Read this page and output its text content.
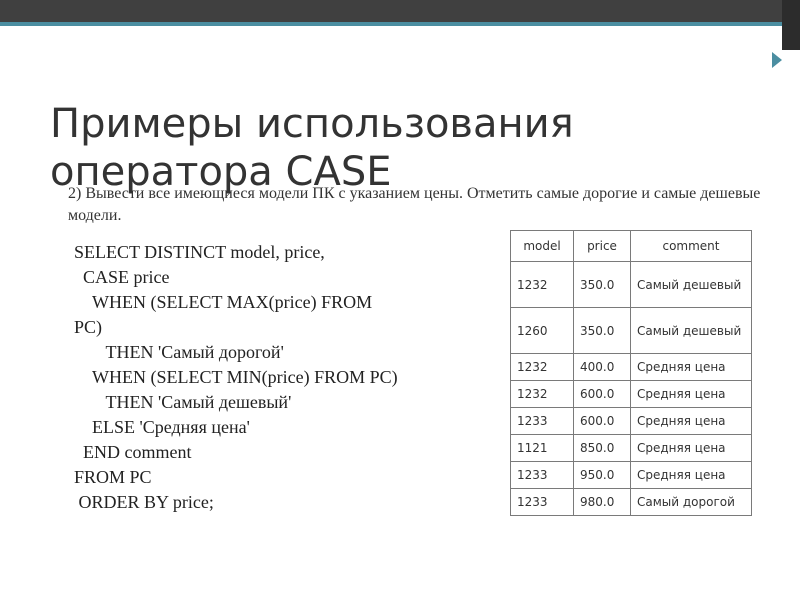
Примеры использования оператора CASE
2) Вывести все имеющиеся модели ПК с указанием цены. Отметить самые дорогие и самые дешевые модели.
SELECT DISTINCT model, price,
CASE price
WHEN (SELECT MAX(price) FROM
PC)
THEN 'Самый дорогой'
WHEN (SELECT MIN(price) FROM PC)
THEN 'Самый дешевый'
ELSE 'Средняя цена'
END comment
FROM PC
ORDER BY price;
model	price	comment
1232	350.0	Самый дешевый
1260	350.0	Самый дешевый
1232	400.0	Средняя цена
1232	600.0	Средняя цена
1233	600.0	Средняя цена
1121	850.0	Средняя цена
1233	950.0	Средняя цена
1233	980.0	Самый дорогой
